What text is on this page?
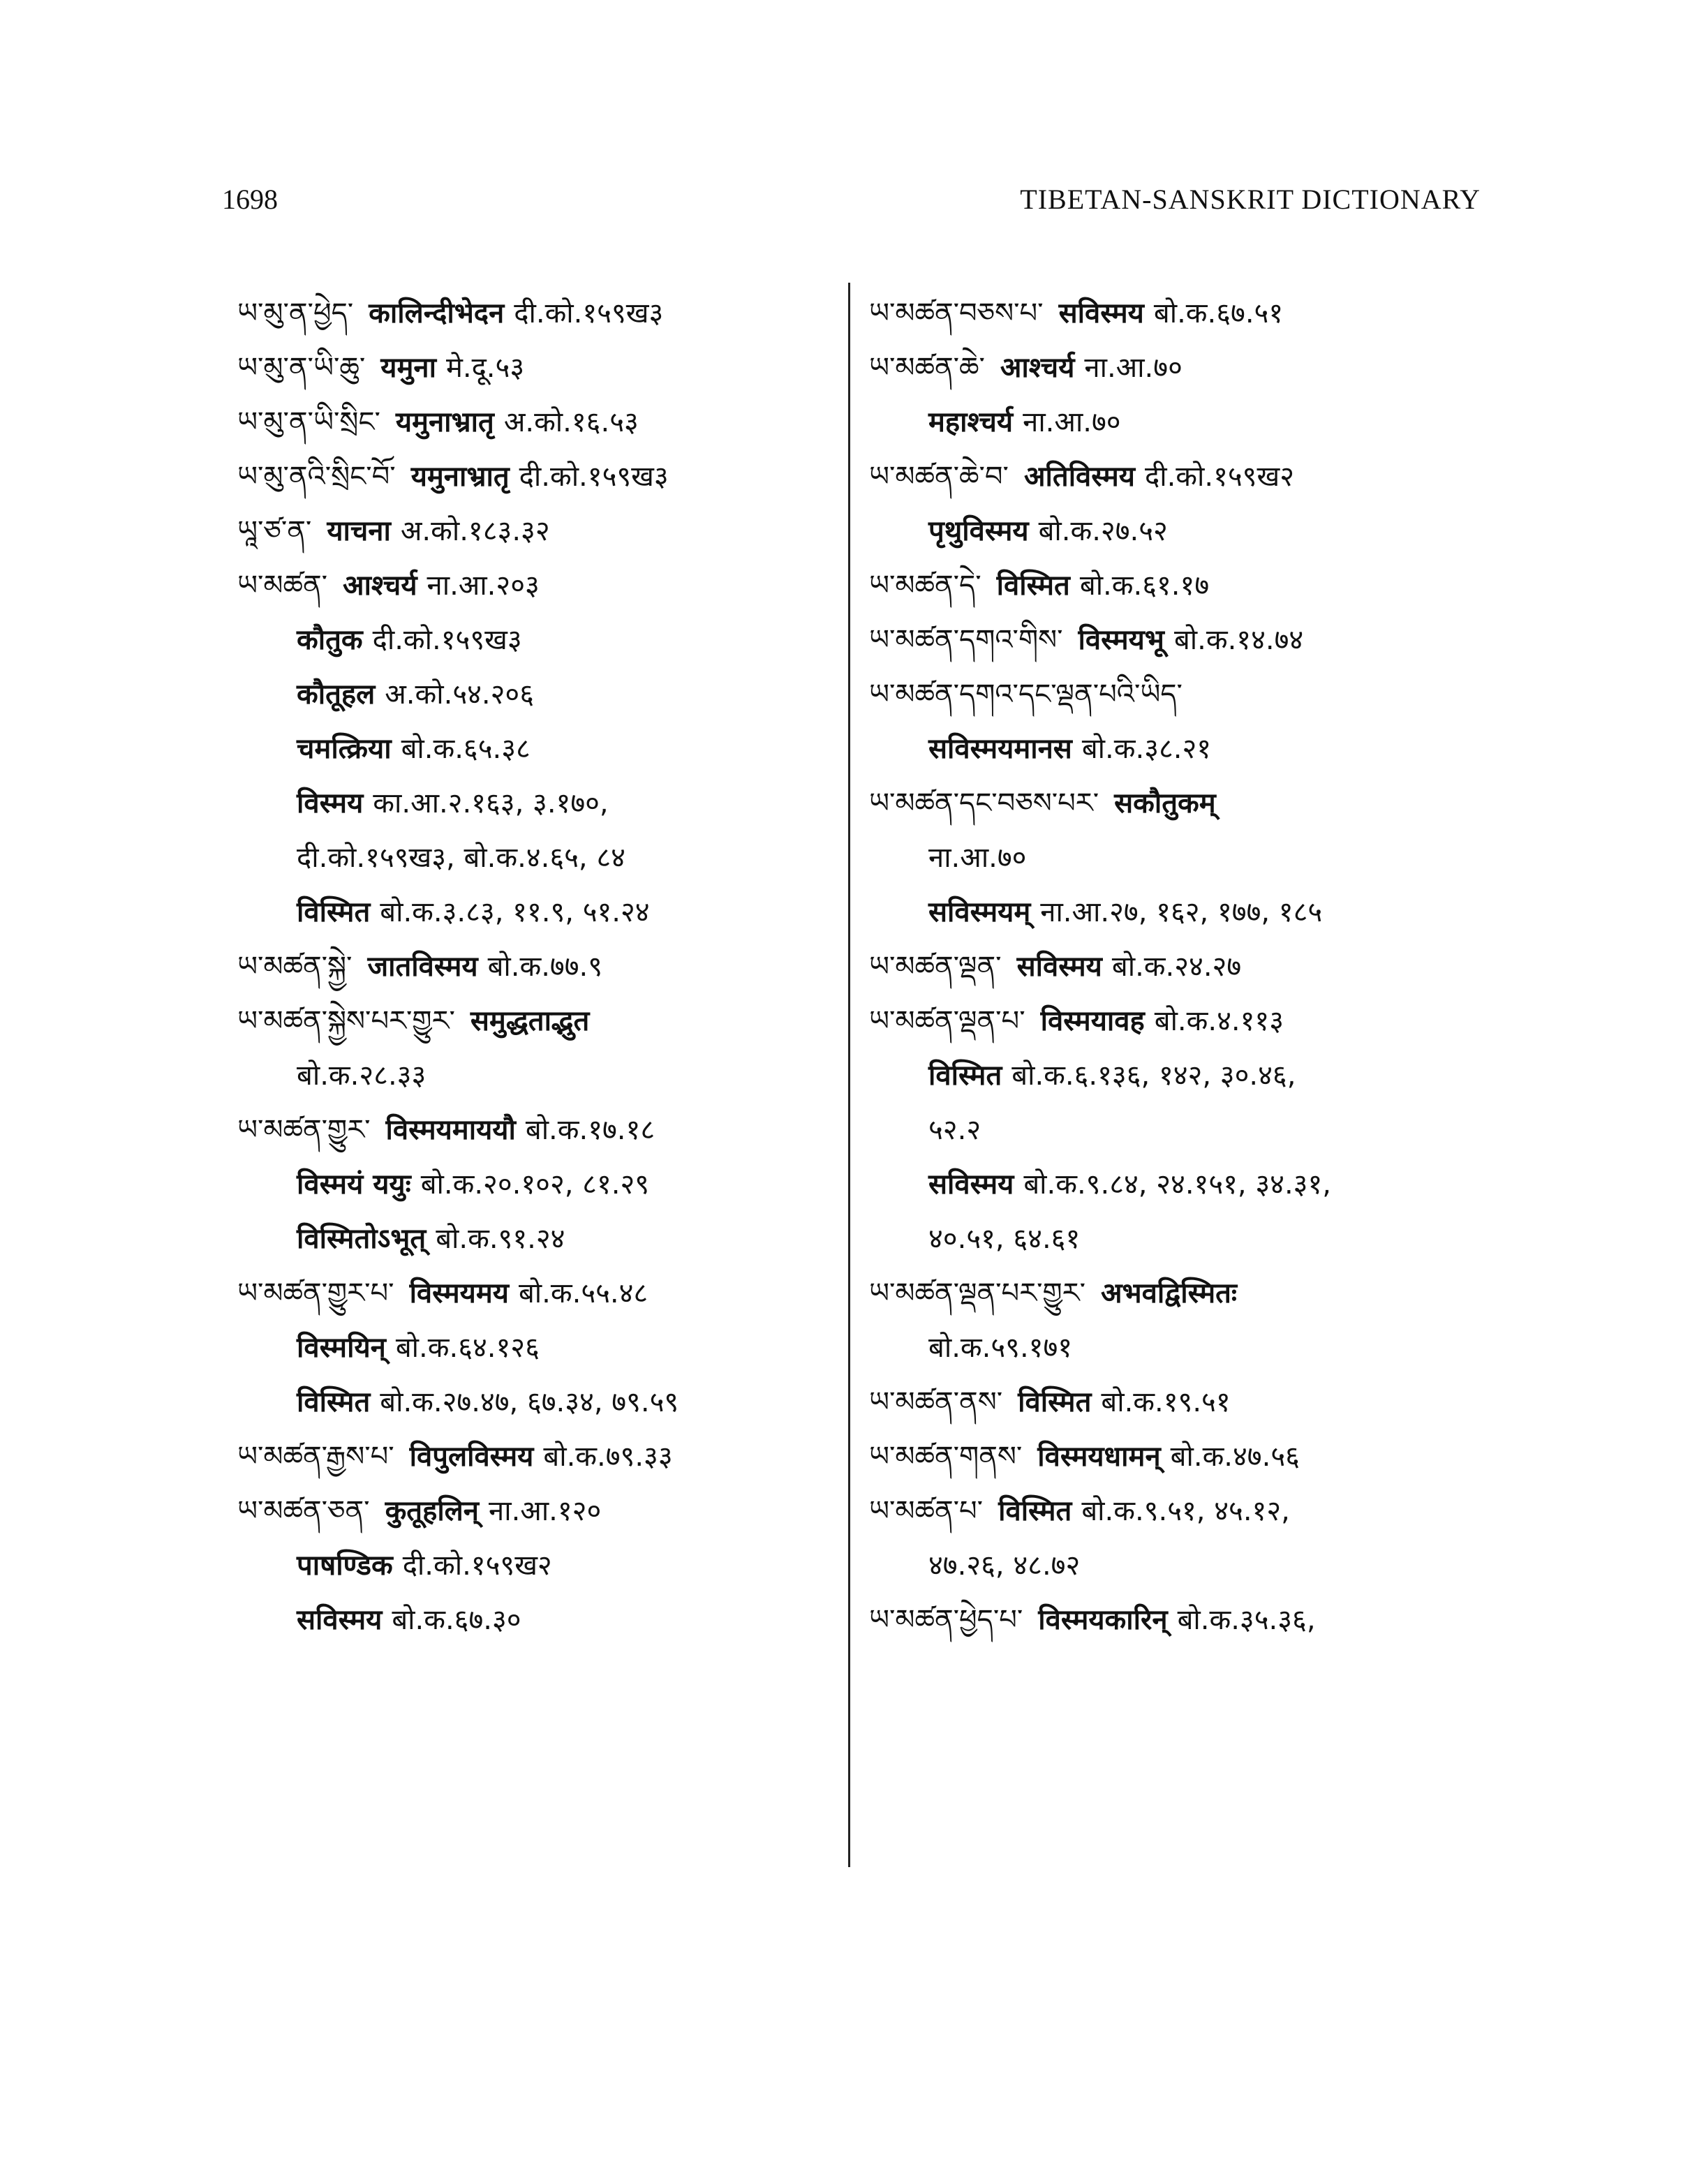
1698	TIBETAN-SANSKRIT DICTIONARY
ཡ་མུ་ན་ཕྱེད་ कालिन्दीभेदन दी.को.१५९ख३
ཡ་མུ་ན་ཡི་ཆུ་ यमुना मे.दू.५३
ཡ་མུ་ན་ཡི་སྲིང་ यमुनाभ्रातृ अ.को.१६.५३
ཡ་མུ་ནའི་སྲིང་བོ་ यमुनाभ्रातृ दी.को.१५९ख३
ཡཱ་ཙ་ན་ याचना अ.को.१८३.३२
ཡ་མཚན་ आश्चर्य ना.आ.२०३
कौतुक दी.को.१५९ख३
कौतूहल अ.को.५४.२०६
चमत्क्रिया बो.क.६५.३८
विस्मय का.आ.२.१६३, ३.१७०,
दी.को.१५९ख३, बो.क.४.६५, ८४
विस्मित बो.क.३.८३, ११.९, ५१.२४
ཡ་མཚན་སྐྱེ་ जातविस्मय बो.क.७७.९
ཡ་མཚན་སྐྱེས་པར་གྱུར་ समुद्धताद्भुत
बो.क.२८.३३
ཡ་མཚན་གྱུར་ विस्मयमाययौ बो.क.१७.१८
विस्मयं ययुः बो.क.२०.१०२, ८१.२९
विस्मितोऽभूत् बो.क.९१.२४
ཡ་མཚན་གྱུར་པ་ विस्मयमय बो.क.५५.४८
विस्मयिन् बो.क.६४.१२६
विस्मित बो.क.२७.४७, ६७.३४, ७९.५९
ཡ་མཚན་རྒྱས་པ་ विपुलविस्मय बो.क.७९.३३
ཡ་མཚན་ཅན་ कुतूहलिन् ना.आ.१२०
पाषण्डिक दी.को.१५९ख२
सविस्मय बो.क.६७.३०
ཡ་མཚན་བཅས་པ་ सविस्मय बो.क.६७.५१
ཡ་མཚན་ཆེ་ आश्चर्य ना.आ.७०
महाश्चर्य ना.आ.७०
ཡ་མཚན་ཆེ་བ་ अतिविस्मय दी.को.१५९ख२
पृथुविस्मय बो.क.२७.५२
ཡ་མཚན་དེ་ विस्मित बो.क.६१.१७
ཡ་མཚན་དགའ་གིས་ विस्मयभू बो.क.१४.७४
ཡ་མཚན་དགའ་དང་ལྡན་པའི་ཡིད་
सविस्मयमानस बो.क.३८.२१
ཡ་མཚན་དང་བཅས་པར་ सकौतुकम्
ना.आ.७०
सविस्मयम् ना.आ.२७, १६२, १७७, १८५
ཡ་མཚན་ལྡན་ सविस्मय बो.क.२४.२७
ཡ་མཚན་ལྡན་པ་ विस्मयावह बो.क.४.११३
विस्मित बो.क.६.१३६, १४२, ३०.४६,
५२.२
सविस्मय बो.क.९.८४, २४.१५१, ३४.३१,
४०.५१, ६४.६१
ཡ་མཚན་ལྡན་པར་གྱུར་ अभवद्विस्मितः
बो.क.५९.१७१
ཡ་མཚན་ནས་ विस्मित बो.क.१९.५१
ཡ་མཚན་གནས་ विस्मयधामन् बो.क.४७.५६
ཡ་མཚན་པ་ विस्मित बो.क.९.५१, ४५.१२,
४७.२६, ४८.७२
ཡ་མཚན་ཕྱེད་པ་ विस्मयकारिन् बो.क.३५.३६,
